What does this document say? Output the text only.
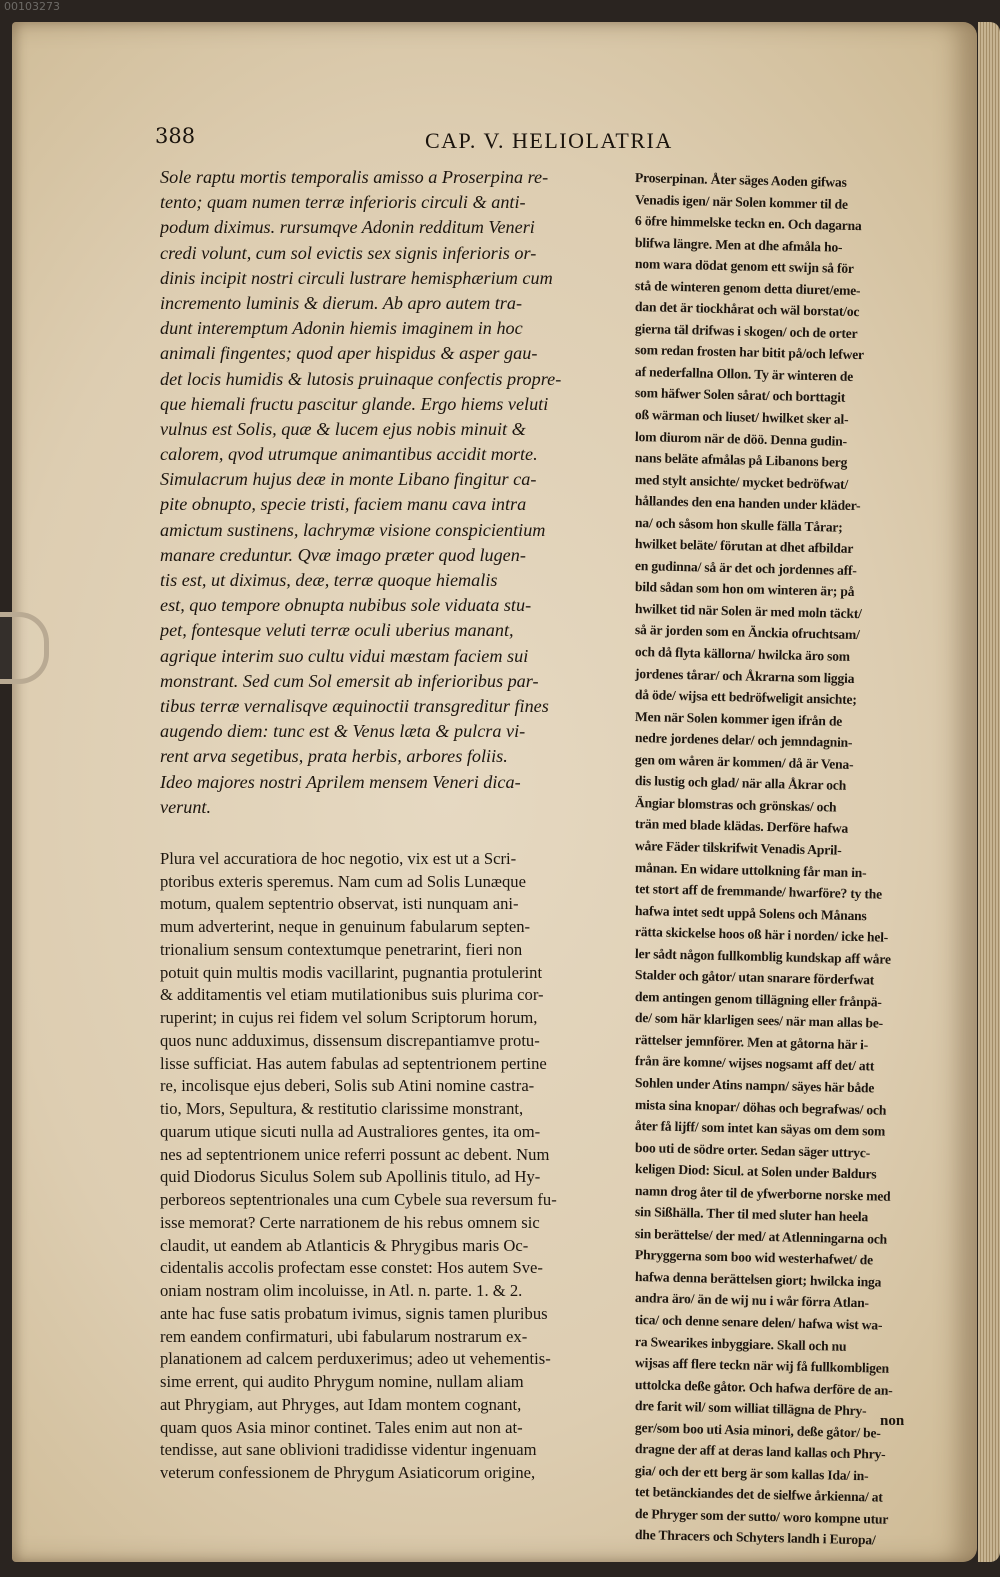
00103273
388	CAP. V. HELIOLATRIA
Sole raptu mortis temporalis amisso a Proserpina re-
tento; quam numen terræ inferioris circuli & anti-
podum diximus. rursumqve Adonin redditum Veneri
credi volunt, cum sol evictis sex signis inferioris or-
dinis incipit nostri circuli lustrare hemisphærium cum
incremento luminis & dierum. Ab apro autem tra-
dunt interemptum Adonin hiemis imaginem in hoc
animali fingentes; quod aper hispidus & asper gau-
det locis humidis & lutosis pruinaque confectis propre-
que hiemali fructu pascitur glande. Ergo hiems veluti
vulnus est Solis, quæ & lucem ejus nobis minuit &
calorem, qvod utrumque animantibus accidit morte.
Simulacrum hujus deæ in monte Libano fingitur ca-
pite obnupto, specie tristi, faciem manu cava intra
amictum sustinens, lachrymæ visione conspicientium
manare creduntur. Qvæ imago præter quod lugen-
tis est, ut diximus, deæ, terræ quoque hiemalis
est, quo tempore obnupta nubibus sole viduata stu-
pet, fontesque veluti terræ oculi uberius manant,
agrique interim suo cultu vidui mæstam faciem sui
monstrant. Sed cum Sol emersit ab inferioribus par-
tibus terræ vernalisqve æquinoctii transgreditur fines
augendo diem: tunc est & Venus læta & pulcra vi-
rent arva segetibus, prata herbis, arbores foliis.
Ideo majores nostri Aprilem mensem Veneri dica-
verunt.
Plura vel accuratiora de hoc negotio, vix est ut a Scri-
ptoribus exteris speremus. Nam cum ad Solis Lunæque
motum, qualem septentrio observat, isti nunquam ani-
mum adverterint, neque in genuinum fabularum septen-
trionalium sensum contextumque penetrarint, fieri non
potuit quin multis modis vacillarint, pugnantia protulerint
& additamentis vel etiam mutilationibus suis plurima cor-
ruperint; in cujus rei fidem vel solum Scriptorum horum,
quos nunc adduximus, dissensum discrepantiamve protu-
lisse sufficiat. Has autem fabulas ad septentrionem pertine
re, incolisque ejus deberi, Solis sub Atini nomine castra-
tio, Mors, Sepultura, & restitutio clarissime monstrant,
quarum utique sicuti nulla ad Australiores gentes, ita om-
nes ad septentrionem unice referri possunt ac debent. Num
quid Diodorus Siculus Solem sub Apollinis titulo, ad Hy-
perboreos septentrionales una cum Cybele sua reversum fu-
isse memorat? Certe narrationem de his rebus omnem sic
claudit, ut eandem ab Atlanticis & Phrygibus maris Oc-
cidentalis accolis profectam esse constet: Hos autem Sve-
oniam nostram olim incoluisse, in Atl. n. parte. 1. & 2.
ante hac fuse satis probatum ivimus, signis tamen pluribus
rem eandem confirmaturi, ubi fabularum nostrarum ex-
planationem ad calcem perduxerimus; adeo ut vehementis-
sime errent, qui audito Phrygum nomine, nullam aliam
aut Phrygiam, aut Phryges, aut Idam montem cognant,
quam quos Asia minor continet. Tales enim aut non at-
tendisse, aut sane oblivioni tradidisse videntur ingenuam
veterum confessionem de Phrygum Asiaticorum origine,
Proserpinan. Åter säges Aoden gifwas
Venadis igen/ när Solen kommer til de
6 öfre himmelske teckn en. Och dagarna
blifwa längre. Men at dhe afmåla ho-
nom wara dödat genom ett swijn så för
stå de winteren genom detta diuret/eme-
dan det är tiockhårat och wäl borstat/oc
gierna täl drifwas i skogen/ och de orter
som redan frosten har bitit på/och lefwer
af nederfallna Ollon. Ty är winteren de
som häfwer Solen sårat/ och borttagit
oß wärman och liuset/ hwilket sker al-
lom diurom när de döö. Denna gudin-
nans beläte afmålas på Libanons berg
med stylt ansichte/ mycket bedröfwat/
hållandes den ena handen under kläder-
na/ och såsom hon skulle fälla Tårar;
hwilket beläte/ förutan at dhet afbildar
en gudinna/ så är det och jordennes aff-
bild sådan som hon om winteren är; på
hwilket tid när Solen är med moln täckt/
så är jorden som en Änckia ofruchtsam/
och då flyta källorna/ hwilcka äro som
jordenes tårar/ och Åkrarna som liggia
då öde/ wijsa ett bedröfweligit ansichte;
Men när Solen kommer igen ifrån de
nedre jordenes delar/ och jemndagnin-
gen om wåren är kommen/ då är Vena-
dis lustig och glad/ när alla Åkrar och
Ängiar blomstras och grönskas/ och
trän med blade klädas. Derföre hafwa
wåre Fäder tilskrifwit Venadis April-
månan. En widare uttolkning får man in-
tet stort aff de fremmande/ hwarföre? ty the
hafwa intet sedt uppå Solens och Månans
rätta skickelse hoos oß här i norden/ icke hel-
ler sådt någon fullkomblig kundskap aff wåre
Stalder och gåtor/ utan snarare förderfwat
dem antingen genom tillägning eller frånpä-
de/ som här klarligen sees/ när man allas be-
rättelser jemnförer. Men at gåtorna här i-
från äre komne/ wijses nogsamt aff det/ att
Sohlen under Atins nampn/ säyes här både
mista sina knopar/ döhas och begrafwas/ och
åter få lijff/ som intet kan säyas om dem som
boo uti de södre orter. Sedan säger uttryc-
keligen Diod: Sicul. at Solen under Baldurs
namn drog åter til de yfwerborne norske med
sin Sißhälla. Ther til med sluter han heela
sin berättelse/ der med/ at Atlenningarna och
Phryggerna som boo wid westerhafwet/ de
hafwa denna berättelsen giort; hwilcka inga
andra äro/ än de wij nu i wår förra Atlan-
tica/ och denne senare delen/ hafwa wist wa-
ra Swearikes inbyggiare. Skall och nu
wijsas aff flere teckn när wij få fullkombligen
uttolcka deße gåtor. Och hafwa derföre de an-
dre farit wil/ som williat tillägna de Phry-
ger/som boo uti Asia minori, deße gåtor/ be-
dragne der aff at deras land kallas och Phry-
gia/ och der ett berg är som kallas Ida/ in-
tet betänckiandes det de sielfwe årkienna/ at
de Phryger som der sutto/ woro kompne utur
dhe Thracers och Schyters landh i Europa/
non
